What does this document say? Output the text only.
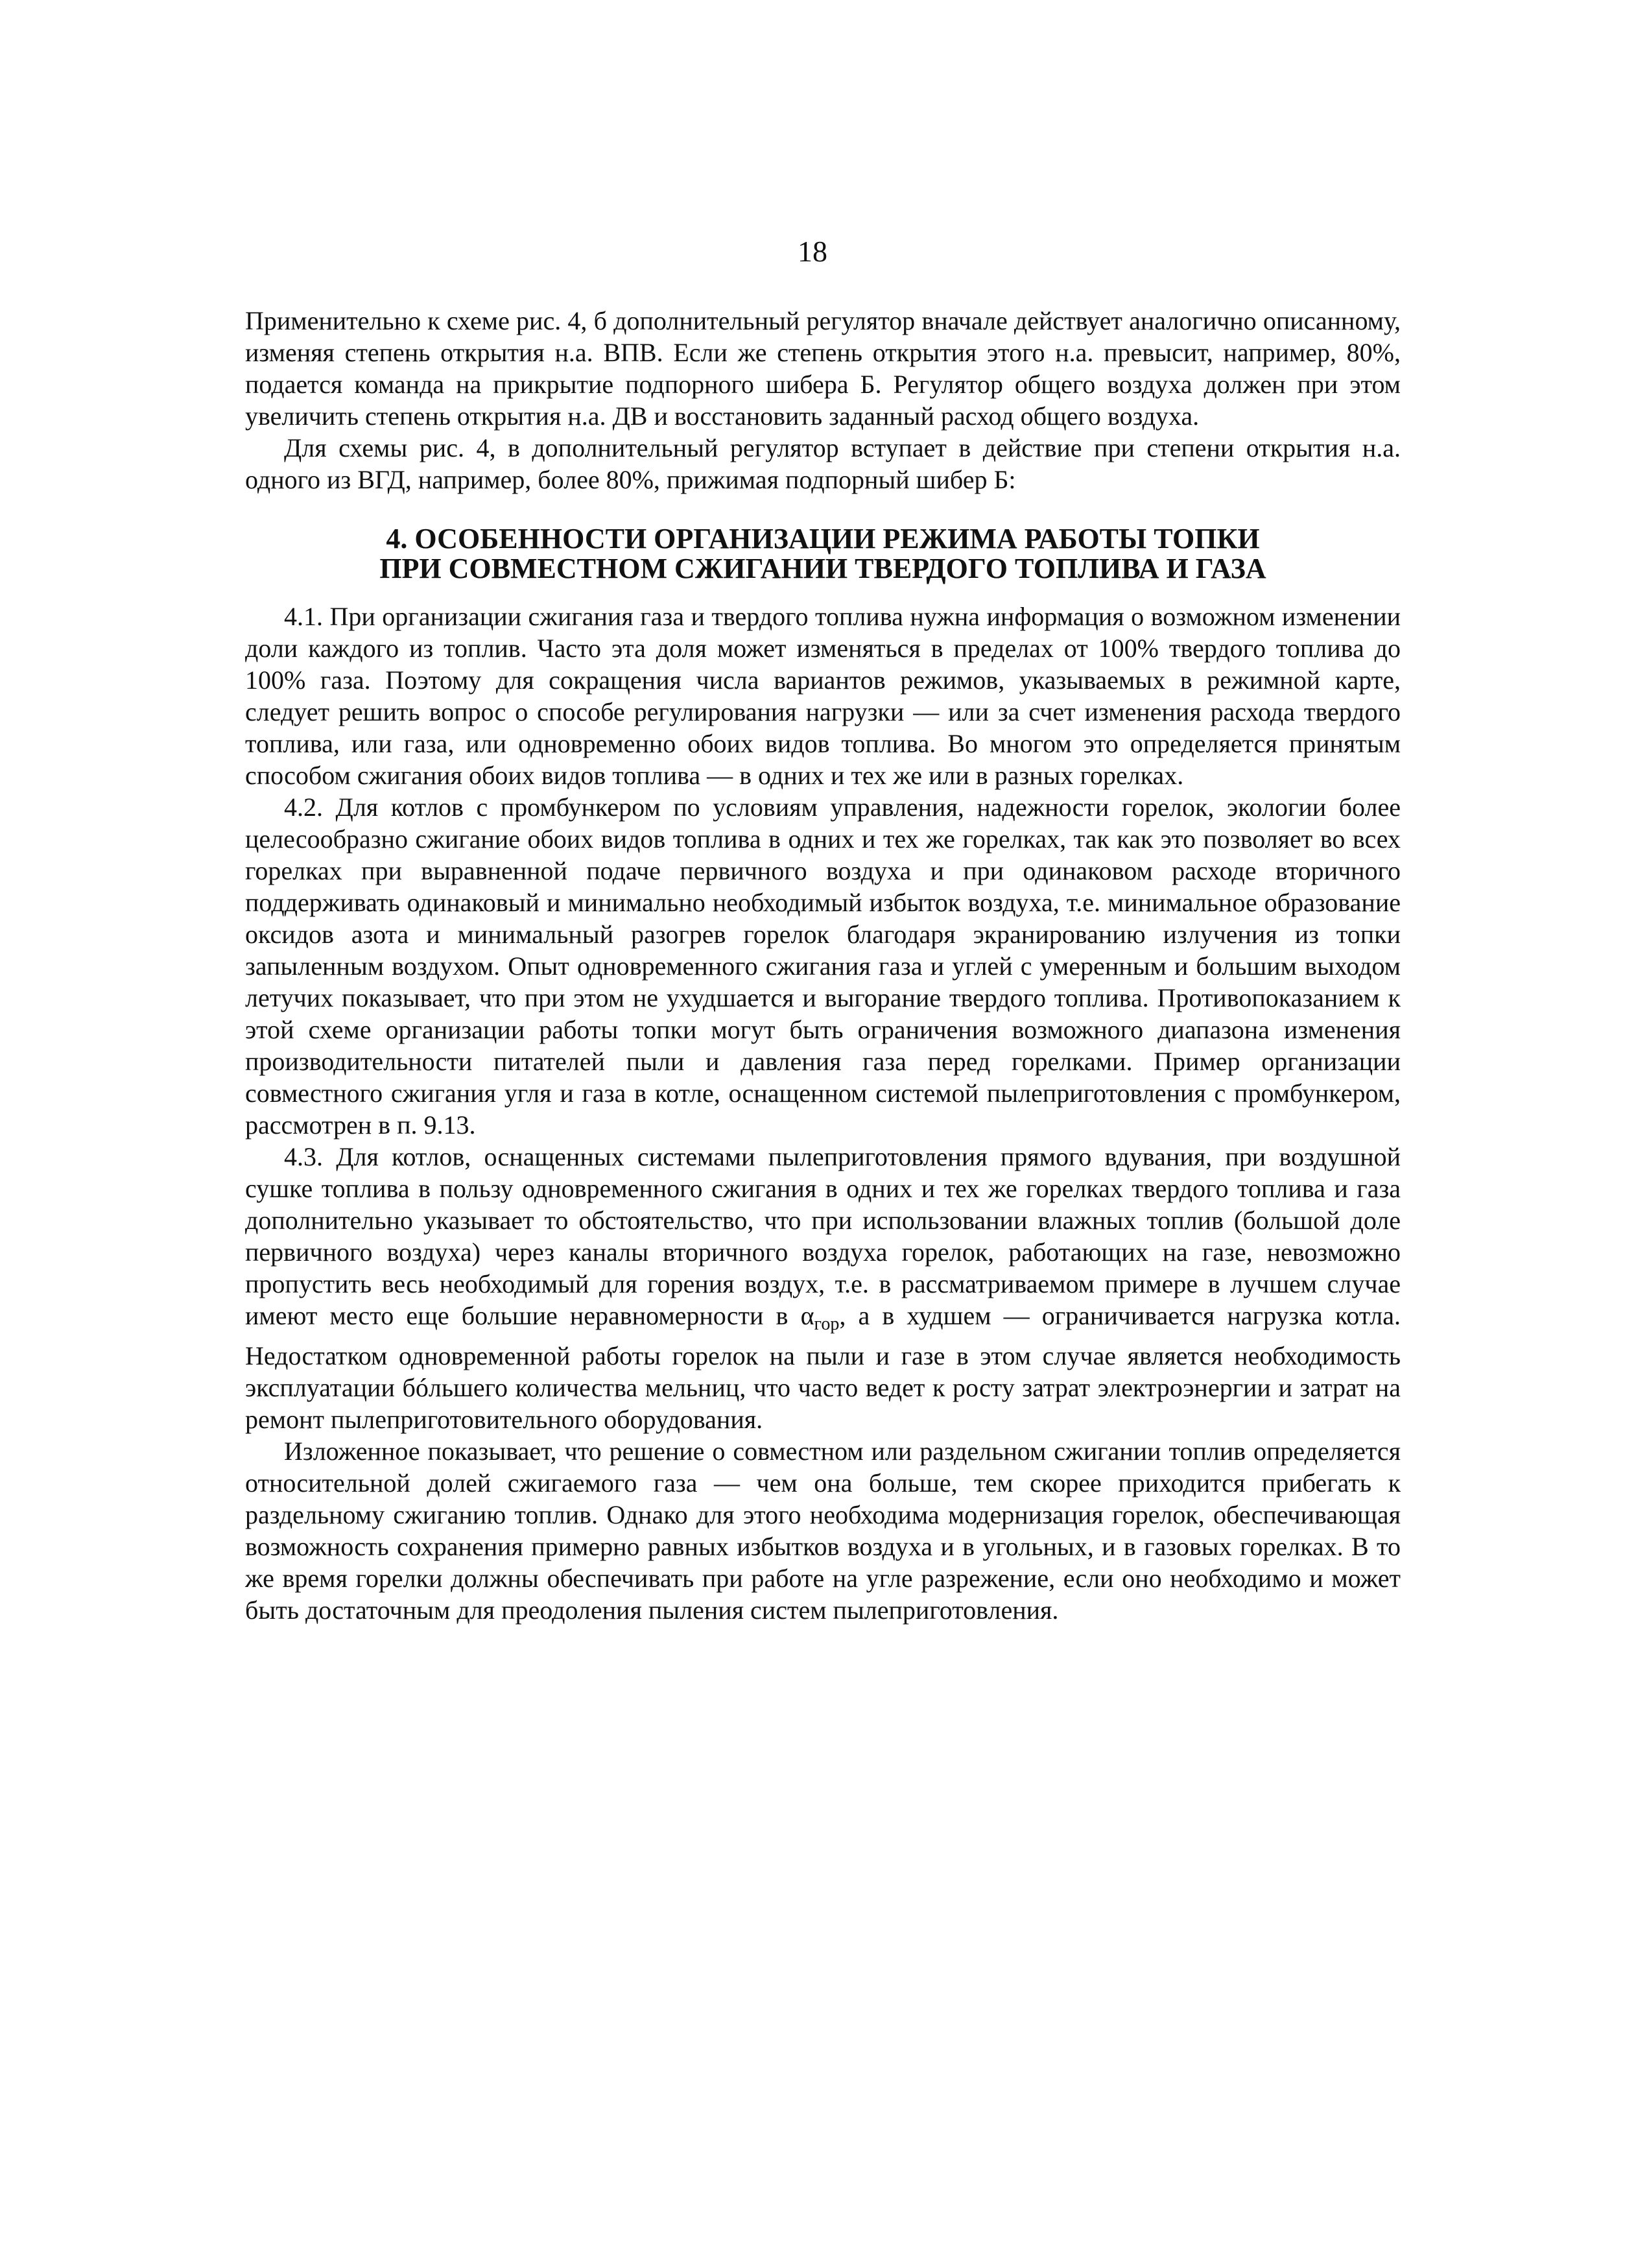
18

Применительно к схеме рис. 4, б дополнительный регулятор вначале действует аналогично описанному, изменяя степень открытия н.а. ВПВ. Если же степень открытия этого н.а. превысит, например, 80%, подается команда на прикрытие подпорного шибера Б. Регулятор общего воздуха должен при этом увеличить степень открытия н.а. ДВ и восстановить заданный расход общего воздуха.

Для схемы рис. 4, в дополнительный регулятор вступает в действие при степени открытия н.а. одного из ВГД, например, более 80%, прижимая подпорный шибер Б:

4. ОСОБЕННОСТИ ОРГАНИЗАЦИИ РЕЖИМА РАБОТЫ ТОПКИ
ПРИ СОВМЕСТНОМ СЖИГАНИИ ТВЕРДОГО ТОПЛИВА И ГАЗА

4.1. При организации сжигания газа и твердого топлива нужна информация о возможном изменении доли каждого из топлив. Часто эта доля может изменяться в пределах от 100% твердого топлива до 100% газа. Поэтому для сокращения числа вариантов режимов, указываемых в режимной карте, следует решить вопрос о способе регулирования нагрузки — или за счет изменения расхода твердого топлива, или газа, или одновременно обоих видов топлива. Во многом это определяется принятым способом сжигания обоих видов топлива — в одних и тех же или в разных горелках.

4.2. Для котлов с промбункером по условиям управления, надежности горелок, экологии более целесообразно сжигание обоих видов топлива в одних и тех же горелках, так как это позволяет во всех горелках при выравненной подаче первичного воздуха и при одинаковом расходе вторичного поддерживать одинаковый и минимально необходимый избыток воздуха, т.е. минимальное образование оксидов азота и минимальный разогрев горелок благодаря экранированию излучения из топки запыленным воздухом. Опыт одновременного сжигания газа и углей с умеренным и большим выходом летучих показывает, что при этом не ухудшается и выгорание твердого топлива. Противопоказанием к этой схеме организации работы топки могут быть ограничения возможного диапазона изменения производительности питателей пыли и давления газа перед горелками. Пример организации совместного сжигания угля и газа в котле, оснащенном системой пылеприготовления с промбункером, рассмотрен в п. 9.13.

4.3. Для котлов, оснащенных системами пылеприготовления прямого вдувания, при воздушной сушке топлива в пользу одновременного сжигания в одних и тех же горелках твердого топлива и газа дополнительно указывает то обстоятельство, что при использовании влажных топлив (большой доле первичного воздуха) через каналы вторичного воздуха горелок, работающих на газе, невозможно пропустить весь необходимый для горения воздух, т.е. в рассматриваемом примере в лучшем случае имеют место еще большие неравномерности в $\alpha_{гор}$, а в худшем — ограничивается нагрузка котла. Недостатком одновременной работы горелок на пыли и газе в этом случае является необходимость эксплуатации бóльшего количества мельниц, что часто ведет к росту затрат электроэнергии и затрат на ремонт пылеприготовительного оборудования.

Изложенное показывает, что решение о совместном или раздельном сжигании топлив определяется относительной долей сжигаемого газа — чем она больше, тем скорее приходится прибегать к раздельному сжиганию топлив. Однако для этого необходима модернизация горелок, обеспечивающая возможность сохранения примерно равных избытков воздуха и в угольных, и в газовых горелках. В то же время горелки должны обеспечивать при работе на угле разрежение, если оно необходимо и может быть достаточным для преодоления пыления систем пылеприготовления.
